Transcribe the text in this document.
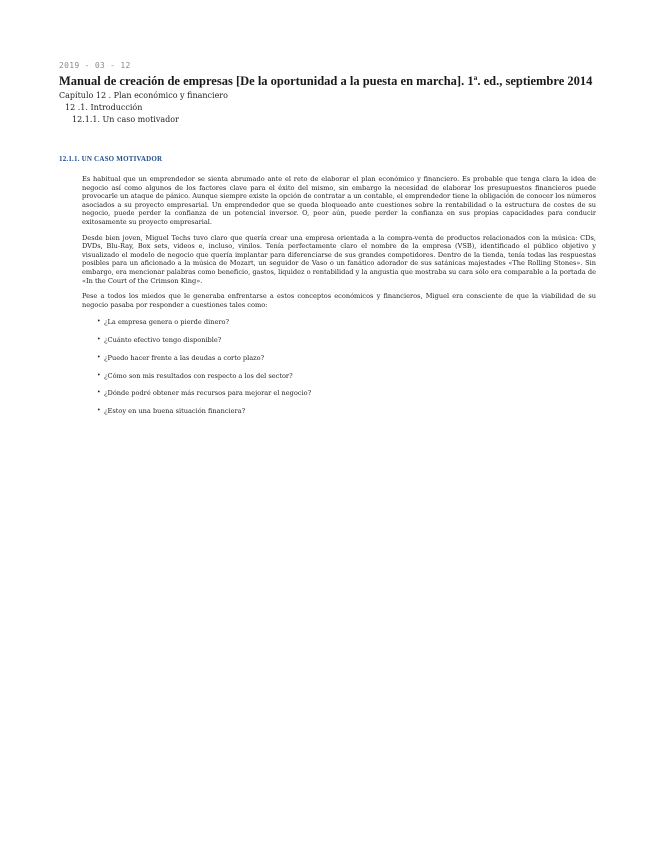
2019 - 03 - 12
Manual de creación de empresas [De la oportunidad a la puesta en marcha]. 1ª. ed., septiembre 2014
Capítulo 12 . Plan económico y financiero
12 .1. Introducción
12.1.1. Un caso motivador
12.1.1. UN CASO MOTIVADOR

Es habitual que un emprendedor se sienta abrumado ante el reto de elaborar el plan económico y financiero. Es probable que tenga clara la idea de negocio así como algunos de los factores clave para el éxito del mismo, sin embargo la necesidad de elaborar los presupuestos financieros puede provocarle un ataque de pánico. Aunque siempre existe la opción de contratar a un contable, el emprendedor tiene la obligación de conocer los números asociados a su proyecto empresarial. Un emprendedor que se queda bloqueado ante cuestiones sobre la rentabilidad o la estructura de costes de su negocio, puede perder la confianza de un potencial inversor. O, peor aún, puede perder la confianza en sus propias capacidades para conducir exitosamente su proyecto empresarial.

Desde bien joven, Miguel Techs tuvo claro que quería crear una empresa orientada a la compra-venta de productos relacionados con la música: CDs, DVDs, Blu-Ray, Box sets, videos e, incluso, vinilos. Tenía perfectamente claro el nombre de la empresa (VSB), identificado el público objetivo y visualizado el modelo de negocio que quería implantar para diferenciarse de sus grandes competidores. Dentro de la tienda, tenía todas las respuestas posibles para un aficionado a la música de Mozart, un seguidor de Vaso o un fanático adorador de sus satánicas majestades «The Rolling Stones». Sin embargo, era mencionar palabras como beneficio, gastos, liquidez o rentabilidad y la angustia que mostraba su cara sólo era comparable a la portada de «In the Court of the Crimson King».

Pese a todos los miedos que le generaba enfrentarse a estos conceptos económicos y financieros, Miguel era consciente de que la viabilidad de su negocio pasaba por responder a cuestiones tales como:

• ¿La empresa genera o pierde dinero?
• ¿Cuánto efectivo tengo disponible?
• ¿Puedo hacer frente a las deudas a corto plazo?
• ¿Cómo son mis resultados con respecto a los del sector?
• ¿Dónde podré obtener más recursos para mejorar el negocio?
• ¿Estoy en una buena situación financiera?
